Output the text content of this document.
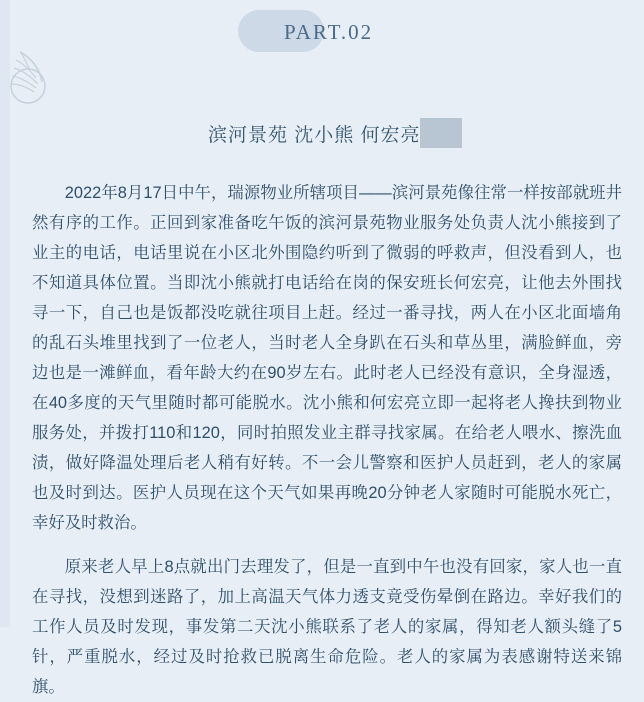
PART.02
滨河景苑 沈小熊 何宏亮

2022年8月17日中午，瑞源物业所辖项目——滨河景苑像往常一样按部就班井然有序的工作。正回到家准备吃午饭的滨河景苑物业服务处负责人沈小熊接到了业主的电话，电话里说在小区北外围隐约听到了微弱的呼救声，但没看到人，也不知道具体位置。当即沈小熊就打电话给在岗的保安班长何宏亮，让他去外围找寻一下，自己也是饭都没吃就往项目上赶。经过一番寻找，两人在小区北面墙角的乱石头堆里找到了一位老人，当时老人全身趴在石头和草丛里，满脸鲜血，旁边也是一滩鲜血，看年龄大约在90岁左右。此时老人已经没有意识，全身湿透，在40多度的天气里随时都可能脱水。沈小熊和何宏亮立即一起将老人搀扶到物业服务处，并拨打110和120，同时拍照发业主群寻找家属。在给老人喂水、擦洗血渍，做好降温处理后老人稍有好转。不一会儿警察和医护人员赶到，老人的家属也及时到达。医护人员现在这个天气如果再晚20分钟老人家随时可能脱水死亡，幸好及时救治。

原来老人早上8点就出门去理发了，但是一直到中午也没有回家，家人也一直在寻找，没想到迷路了，加上高温天气体力透支竟受伤晕倒在路边。幸好我们的工作人员及时发现，事发第二天沈小熊联系了老人的家属，得知老人额头缝了5针，严重脱水，经过及时抢救已脱离生命危险。老人的家属为表感谢特送来锦旗。
